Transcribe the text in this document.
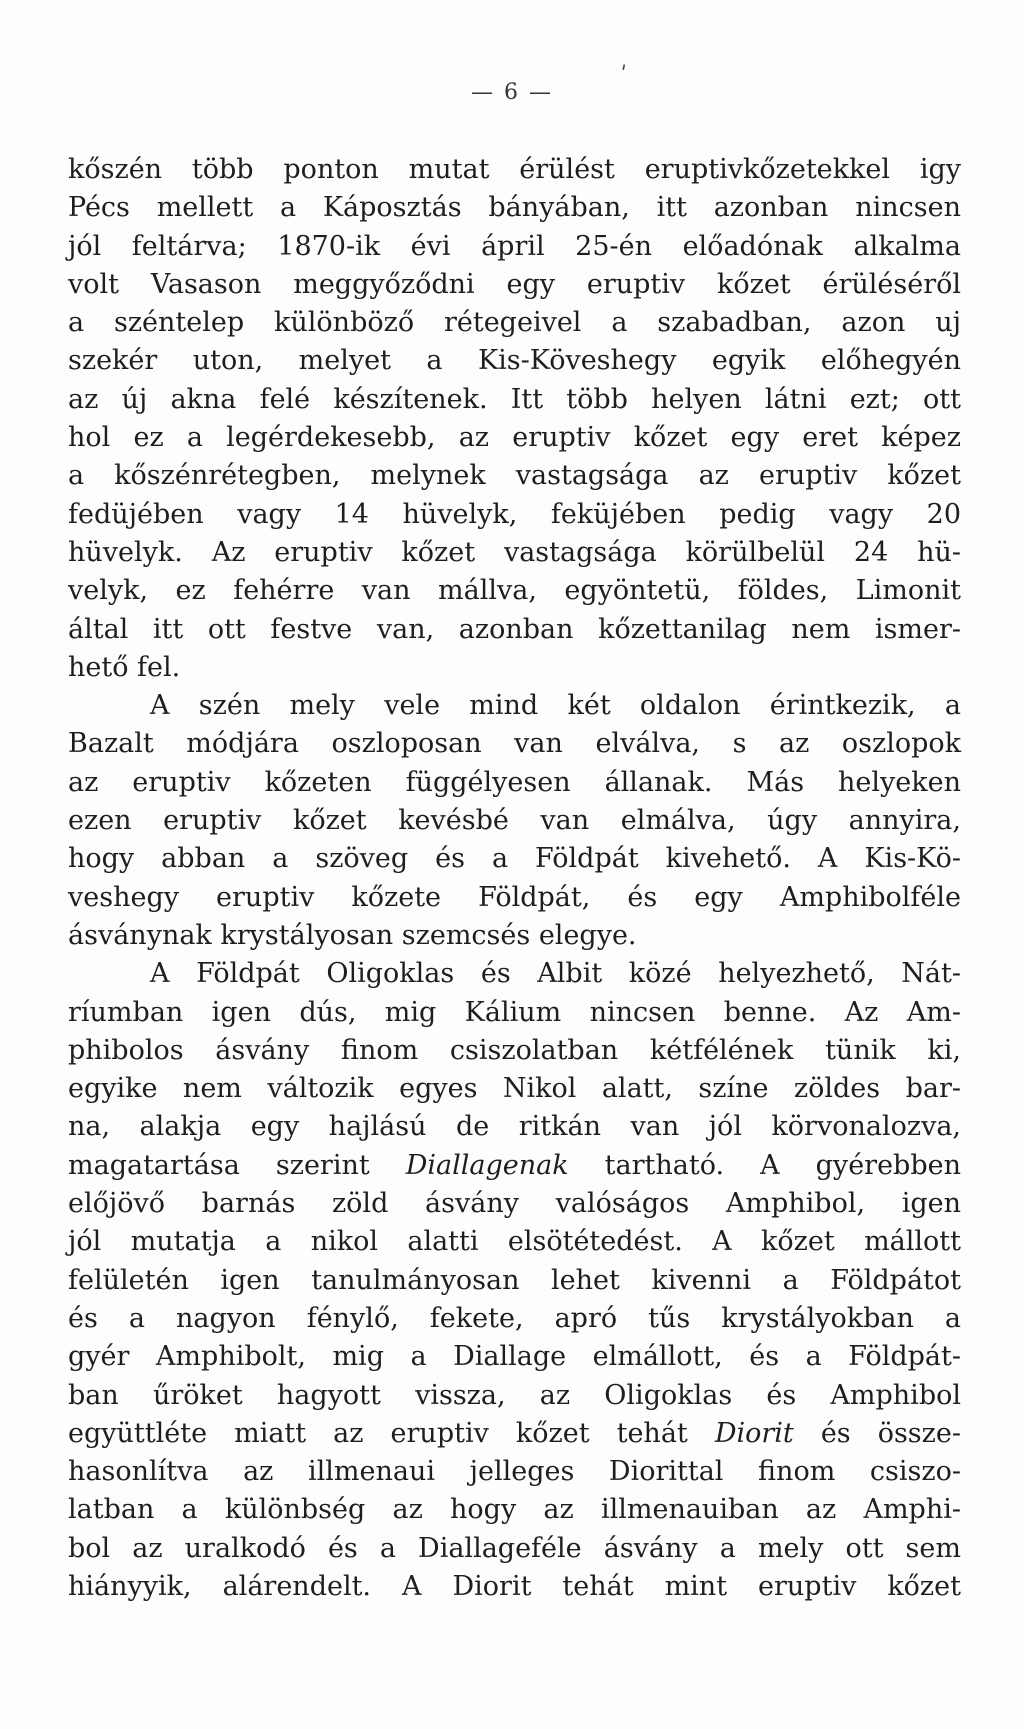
— 6 —
'
kőszén több ponton mutat érülést eruptivkőzetekkel igy
Pécs mellett a Káposztás bányában, itt azonban nincsen
jól feltárva; 1870-ik évi ápril 25-én előadónak alkalma
volt Vasason meggyőződni egy eruptiv kőzet érüléséről
a széntelep különböző rétegeivel a szabadban, azon uj
szekér uton, melyet a Kis-Köveshegy egyik előhegyén
az új akna felé készítenek. Itt több helyen látni ezt; ott
hol ez a legérdekesebb, az eruptiv kőzet egy eret képez
a kőszénrétegben, melynek vastagsága az eruptiv kőzet
fedüjében vagy 14 hüvelyk, feküjében pedig vagy 20
hüvelyk. Az eruptiv kőzet vastagsága körülbelül 24 hü-
velyk, ez fehérre van mállva, egyöntetü, földes, Limonit
által itt ott festve van, azonban kőzettanilag nem ismer-
hető fel.
A szén mely vele mind két oldalon érintkezik, a
Bazalt módjára oszloposan van elválva, s az oszlopok
az eruptiv kőzeten függélyesen állanak. Más helyeken
ezen eruptiv kőzet kevésbé van elmálva, úgy annyira,
hogy abban a szöveg és a Földpát kivehető. A Kis-Kö-
veshegy eruptiv kőzete Földpát, és egy Amphibolféle
ásványnak krystályosan szemcsés elegye.
A Földpát Oligoklas és Albit közé helyezhető, Nát-
ríumban igen dús, mig Kálium nincsen benne. Az Am-
phibolos ásvány finom csiszolatban kétfélének tünik ki,
egyike nem változik egyes Nikol alatt, színe zöldes bar-
na, alakja egy hajlású de ritkán van jól körvonalozva,
magatartása szerint Diallagenak tartható. A gyérebben
előjövő barnás zöld ásvány valóságos Amphibol, igen
jól mutatja a nikol alatti elsötétedést. A kőzet mállott
felületén igen tanulmányosan lehet kivenni a Földpátot
és a nagyon fénylő, fekete, apró tűs krystályokban a
gyér Amphibolt, mig a Diallage elmállott, és a Földpát-
ban űröket hagyott vissza, az Oligoklas és Amphibol
együttléte miatt az eruptiv kőzet tehát Diorit és össze-
hasonlítva az illmenaui jelleges Diorittal finom csiszo-
latban a különbség az hogy az illmenauiban az Amphi-
bol az uralkodó és a Diallageféle ásvány a mely ott sem
hiányyik, alárendelt. A Diorit tehát mint eruptiv kőzet
